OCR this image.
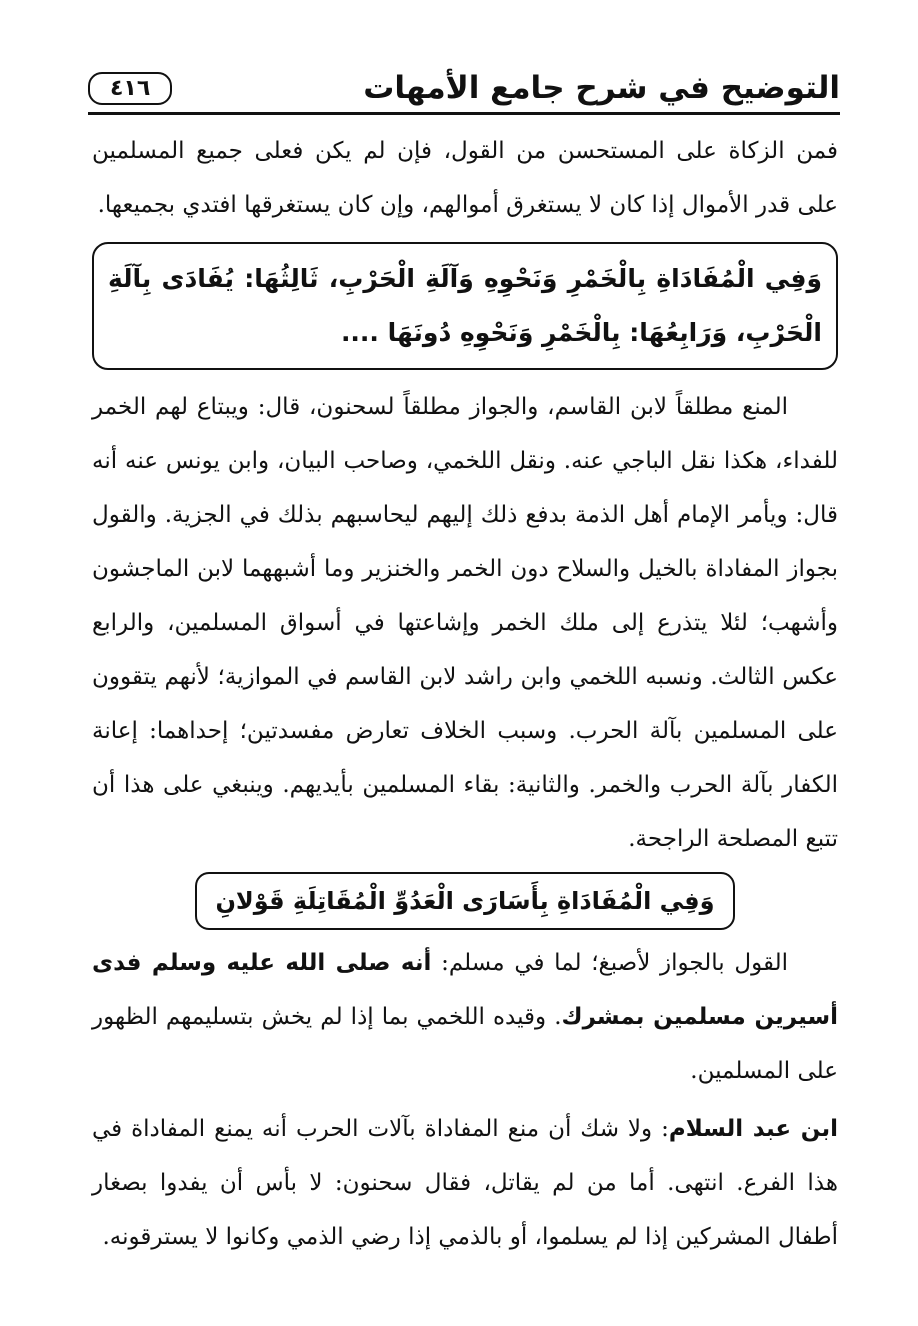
٤١٦	التوضيح في شرح جامع الأمهات

فمن الزكاة على المستحسن من القول، فإن لم يكن فعلى جميع المسلمين على قدر الأموال إذا كان لا يستغرق أموالهم، وإن كان يستغرقها افتدي بجميعها.

وَفِي الْمُفَادَاةِ بِالْخَمْرِ وَنَحْوِهِ وَآلَةِ الْحَرْبِ، ثَالِثُهَا: يُفَادَى بِآلَةِ الْحَرْبِ، وَرَابِعُهَا: بِالْخَمْرِ وَنَحْوِهِ دُونَهَا ....

المنع مطلقاً لابن القاسم، والجواز مطلقاً لسحنون، قال: ويبتاع لهم الخمر للفداء، هكذا نقل الباجي عنه. ونقل اللخمي، وصاحب البيان، وابن يونس عنه أنه قال: ويأمر الإمام أهل الذمة بدفع ذلك إليهم ليحاسبهم بذلك في الجزية. والقول بجواز المفاداة بالخيل والسلاح دون الخمر والخنزير وما أشبههما لابن الماجشون وأشهب؛ لئلا يتذرع إلى ملك الخمر وإشاعتها في أسواق المسلمين، والرابع عكس الثالث. ونسبه اللخمي وابن راشد لابن القاسم في الموازية؛ لأنهم يتقوون على المسلمين بآلة الحرب. وسبب الخلاف تعارض مفسدتين؛ إحداهما: إعانة الكفار بآلة الحرب والخمر. والثانية: بقاء المسلمين بأيديهم. وينبغي على هذا أن تتبع المصلحة الراجحة.

وَفِي الْمُفَادَاةِ بِأَسَارَى الْعَدُوِّ الْمُقَاتِلَةِ قَوْلانِ

القول بالجواز لأصبغ؛ لما في مسلم: أنه صلى الله عليه وسلم فدى أسيرين مسلمين بمشرك. وقيده اللخمي بما إذا لم يخش بتسليمهم الظهور على المسلمين.

ابن عبد السلام: ولا شك أن منع المفاداة بآلات الحرب أنه يمنع المفاداة في هذا الفرع. انتهى. أما من لم يقاتل، فقال سحنون: لا بأس أن يفدوا بصغار أطفال المشركين إذا لم يسلموا، أو بالذمي إذا رضي الذمي وكانوا لا يسترقونه.
